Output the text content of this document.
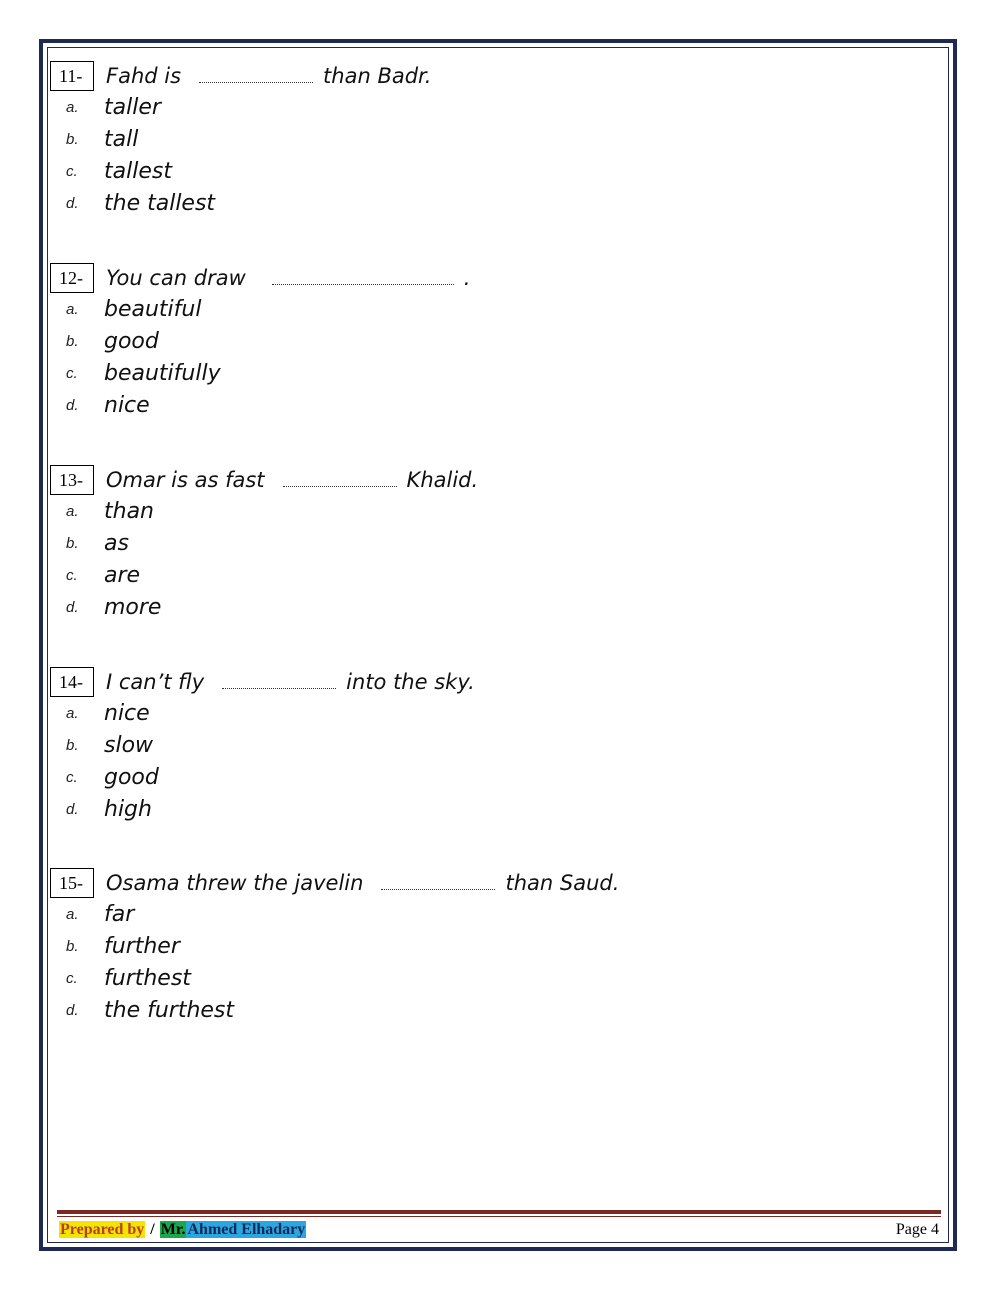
11-	Fahd is	than Badr.
a.	taller
b.	tall
c.	tallest
d.	the tallest
12-	You can draw	.
a.	beautiful
b.	good
c.	beautifully
d.	nice
13-	Omar is as fast	Khalid.
a.	than
b.	as
c.	are
d.	more
14-	I can’t fly	into the sky.
a.	nice
b.	slow
c.	good
d.	high
15-	Osama threw the javelin	than Saud.
a.	far
b.	further
c.	furthest
d.	the furthest
Prepared by / Mr. Ahmed Elhadary	Page 4
